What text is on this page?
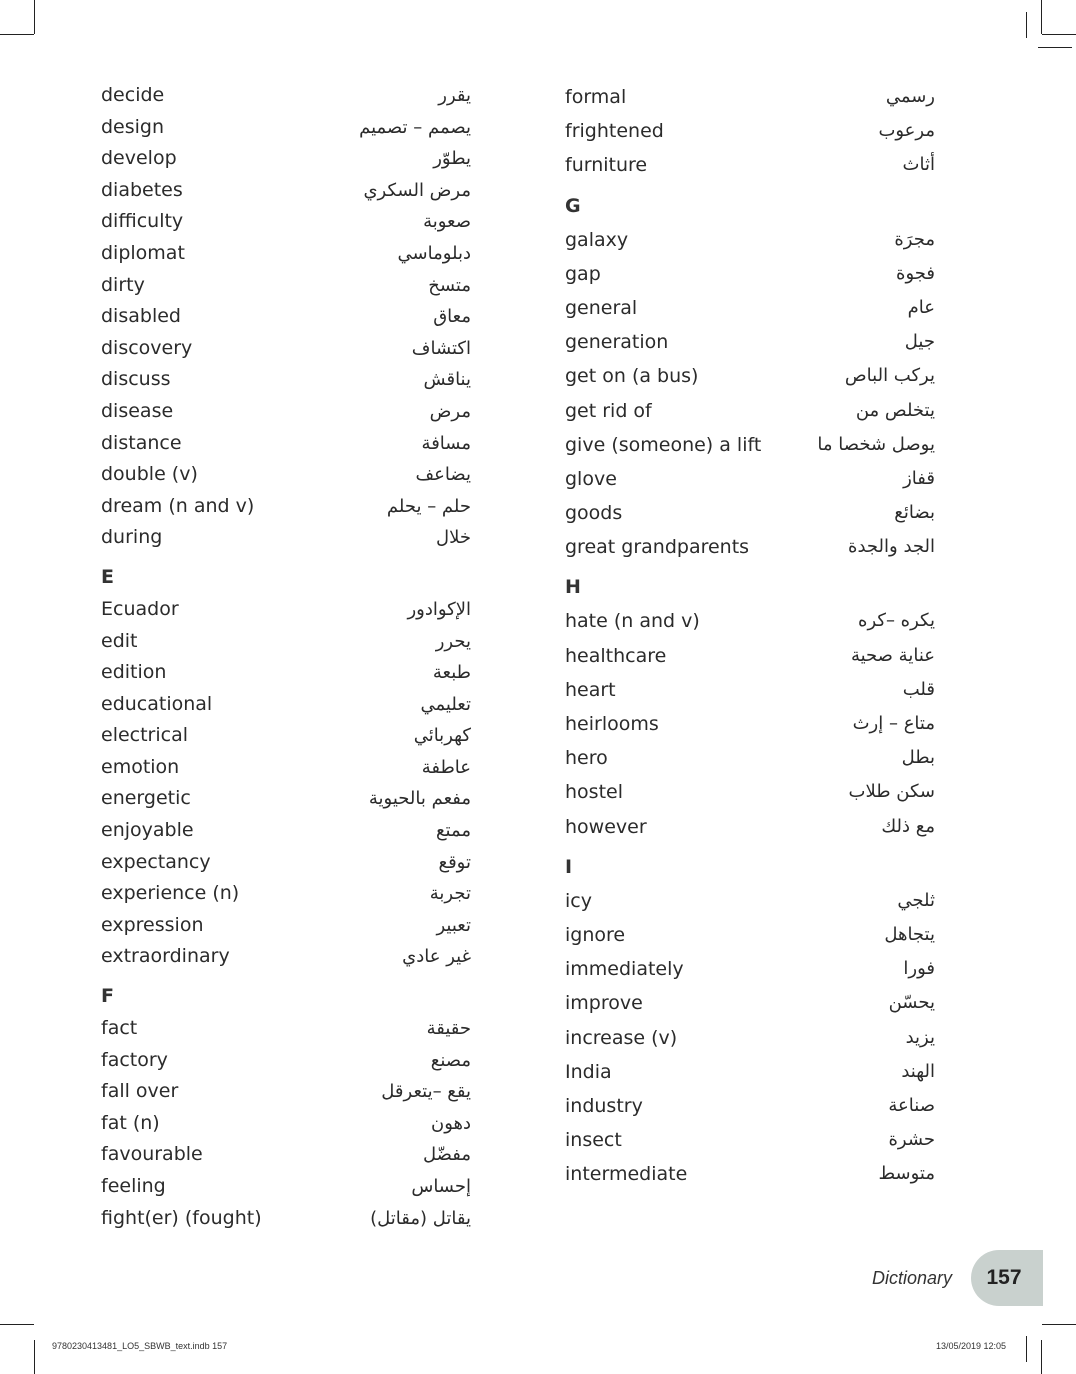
decide	يقرر
design	يصمم – تصميم
develop	يطوّر
diabetes	مرض السكري
difficulty	صعوبة
diplomat	دبلوماسي
dirty	متسخ
disabled	معاق
discovery	اكتشاف
discuss	يناقش
disease	مرض
distance	مسافة
double (v)	يضاعف
dream (n and v)	حلم – يحلم
during	خلال
E
Ecuador	الإكوادور
edit	يحرر
edition	طبعة
educational	تعليمي
electrical	كهربائي
emotion	عاطفة
energetic	مفعم بالحيوية
enjoyable	ممتع
expectancy	توقع
experience (n)	تجربة
expression	تعبير
extraordinary	غير عادي
F
fact	حقيقة
factory	مصنع
fall over	يقع –يتعرقل
fat (n)	دهون
favourable	مفضّل
feeling	إحساس
fight(er) (fought)	يقاتل (مقاتل)
formal	رسمي
frightened	مرعوب
furniture	أثاث
G
galaxy	مجرَة
gap	فجوة
general	عام
generation	جيل
get on (a bus)	يركب الباص
get rid of	يتخلص من
give (someone) a lift	يوصل شخصا ما
glove	قفاز
goods	بضائع
great grandparents	الجد والجدة
H
hate (n and v)	يكره –كره
healthcare	عناية صحية
heart	قلب
heirlooms	متاع – إرث
hero	بطل
hostel	سكن طلاب
however	مع ذلك
I
icy	ثلجي
ignore	يتجاهل
immediately	فورا
improve	يحسّن
increase (v)	يزيد
India	الهند
industry	صناعة
insect	حشرة
intermediate	متوسط
Dictionary 157
9780230413481_LO5_SBWB_text.indb 157	13/05/2019 12:05
